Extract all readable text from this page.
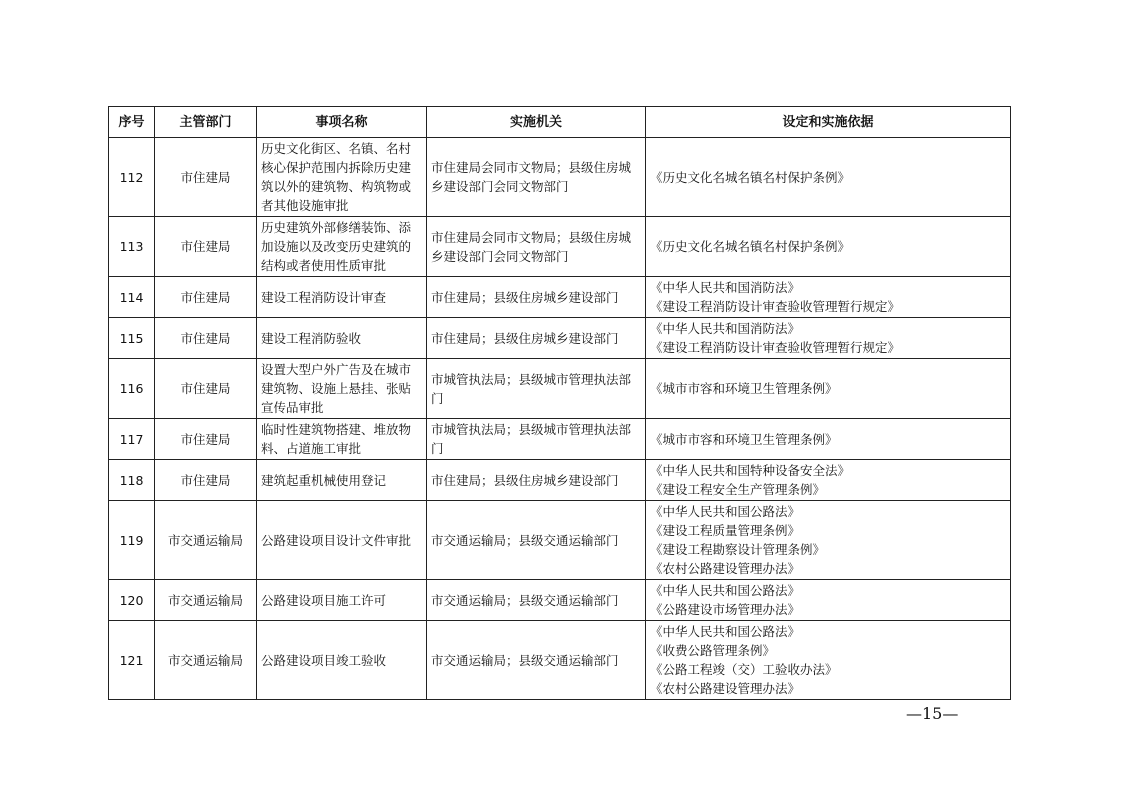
序号	主管部门	事项名称	实施机关	设定和实施依据
112	市住建局	历史文化街区、名镇、名村核心保护范围内拆除历史建筑以外的建筑物、构筑物或者其他设施审批	市住建局会同市文物局；县级住房城乡建设部门会同文物部门	《历史文化名城名镇名村保护条例》

113	市住建局	历史建筑外部修缮装饰、添加设施以及改变历史建筑的结构或者使用性质审批	市住建局会同市文物局；县级住房城乡建设部门会同文物部门	《历史文化名城名镇名村保护条例》

114	市住建局	建设工程消防设计审查	市住建局；县级住房城乡建设部门	《中华人民共和国消防法》
《建设工程消防设计审查验收管理暂行规定》

115	市住建局	建设工程消防验收	市住建局；县级住房城乡建设部门	《中华人民共和国消防法》
《建设工程消防设计审查验收管理暂行规定》

116	市住建局	设置大型户外广告及在城市建筑物、设施上悬挂、张贴宣传品审批	市城管执法局；县级城市管理执法部门	《城市市容和环境卫生管理条例》

117	市住建局	临时性建筑物搭建、堆放物料、占道施工审批	市城管执法局；县级城市管理执法部门	《城市市容和环境卫生管理条例》

118	市住建局	建筑起重机械使用登记	市住建局；县级住房城乡建设部门	《中华人民共和国特种设备安全法》
《建设工程安全生产管理条例》

119	市交通运输局	公路建设项目设计文件审批	市交通运输局；县级交通运输部门	《中华人民共和国公路法》
《建设工程质量管理条例》
《建设工程勘察设计管理条例》
《农村公路建设管理办法》

120	市交通运输局	公路建设项目施工许可	市交通运输局；县级交通运输部门	《中华人民共和国公路法》
《公路建设市场管理办法》

121	市交通运输局	公路建设项目竣工验收	市交通运输局；县级交通运输部门	《中华人民共和国公路法》
《收费公路管理条例》
《公路工程竣（交）工验收办法》
《农村公路建设管理办法》
—15—
